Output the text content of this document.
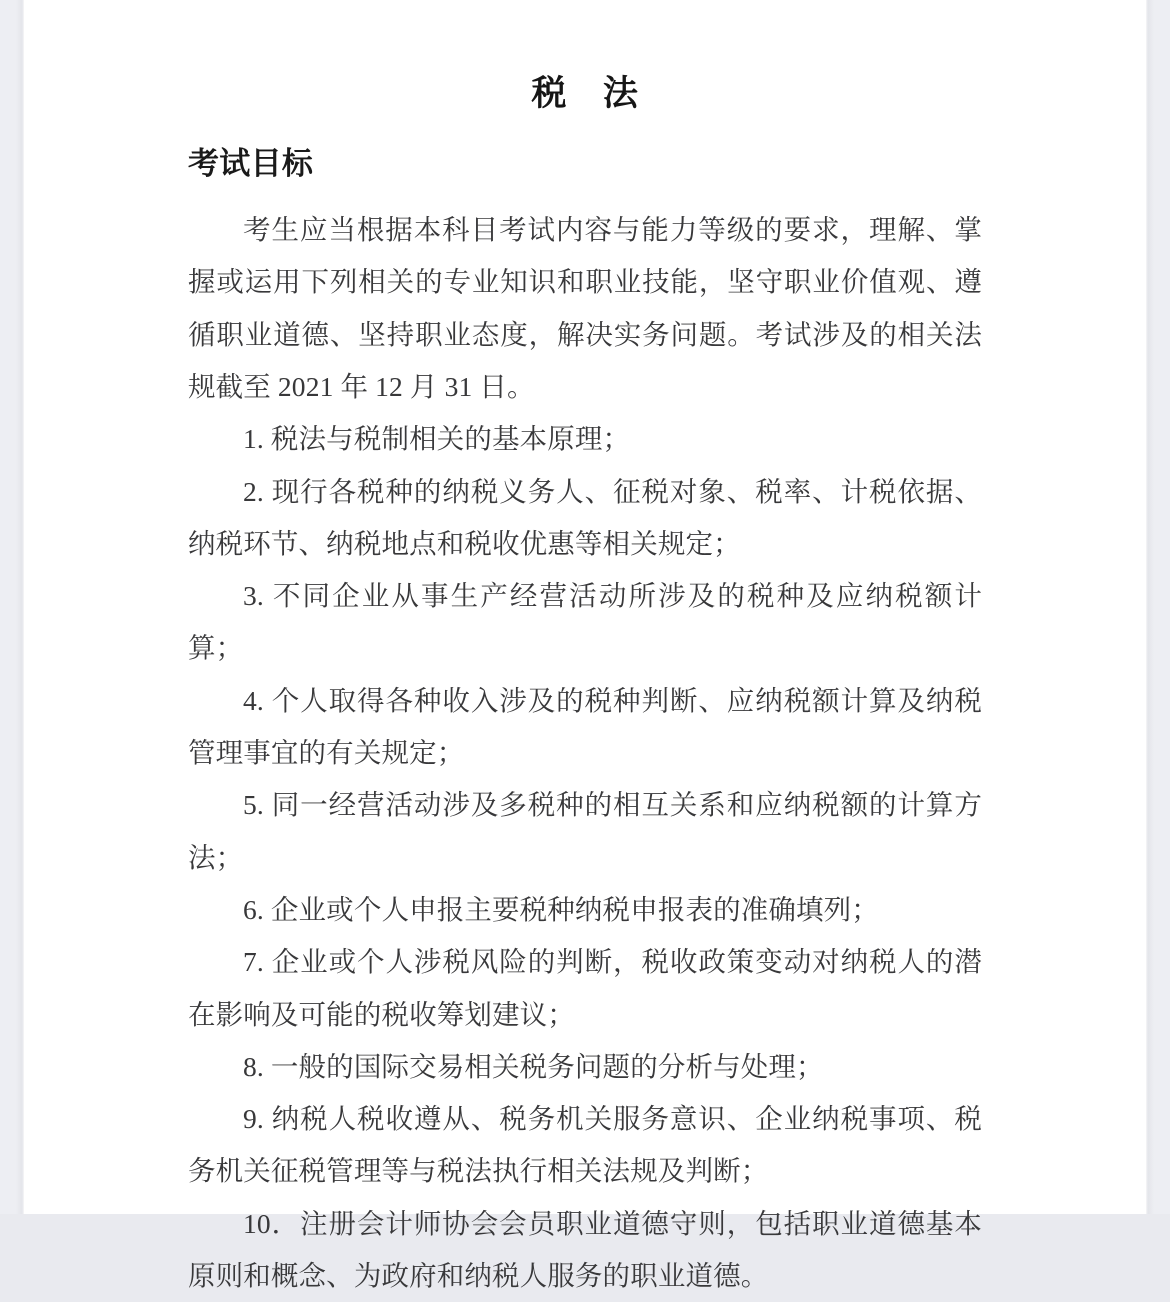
税　法
考试目标

考生应当根据本科目考试内容与能力等级的要求，理解、掌握或运用下列相关的专业知识和职业技能，坚守职业价值观、遵循职业道德、坚持职业态度，解决实务问题。考试涉及的相关法规截至 2021 年 12 月 31 日。

1. 税法与税制相关的基本原理；

2. 现行各税种的纳税义务人、征税对象、税率、计税依据、纳税环节、纳税地点和税收优惠等相关规定；

3. 不同企业从事生产经营活动所涉及的税种及应纳税额计算；

4. 个人取得各种收入涉及的税种判断、应纳税额计算及纳税管理事宜的有关规定；

5. 同一经营活动涉及多税种的相互关系和应纳税额的计算方法；

6. 企业或个人申报主要税种纳税申报表的准确填列；

7. 企业或个人涉税风险的判断，税收政策变动对纳税人的潜在影响及可能的税收筹划建议；

8. 一般的国际交易相关税务问题的分析与处理；

9. 纳税人税收遵从、税务机关服务意识、企业纳税事项、税务机关征税管理等与税法执行相关法规及判断；

10．注册会计师协会会员职业道德守则，包括职业道德基本原则和概念、为政府和纳税人服务的职业道德。
